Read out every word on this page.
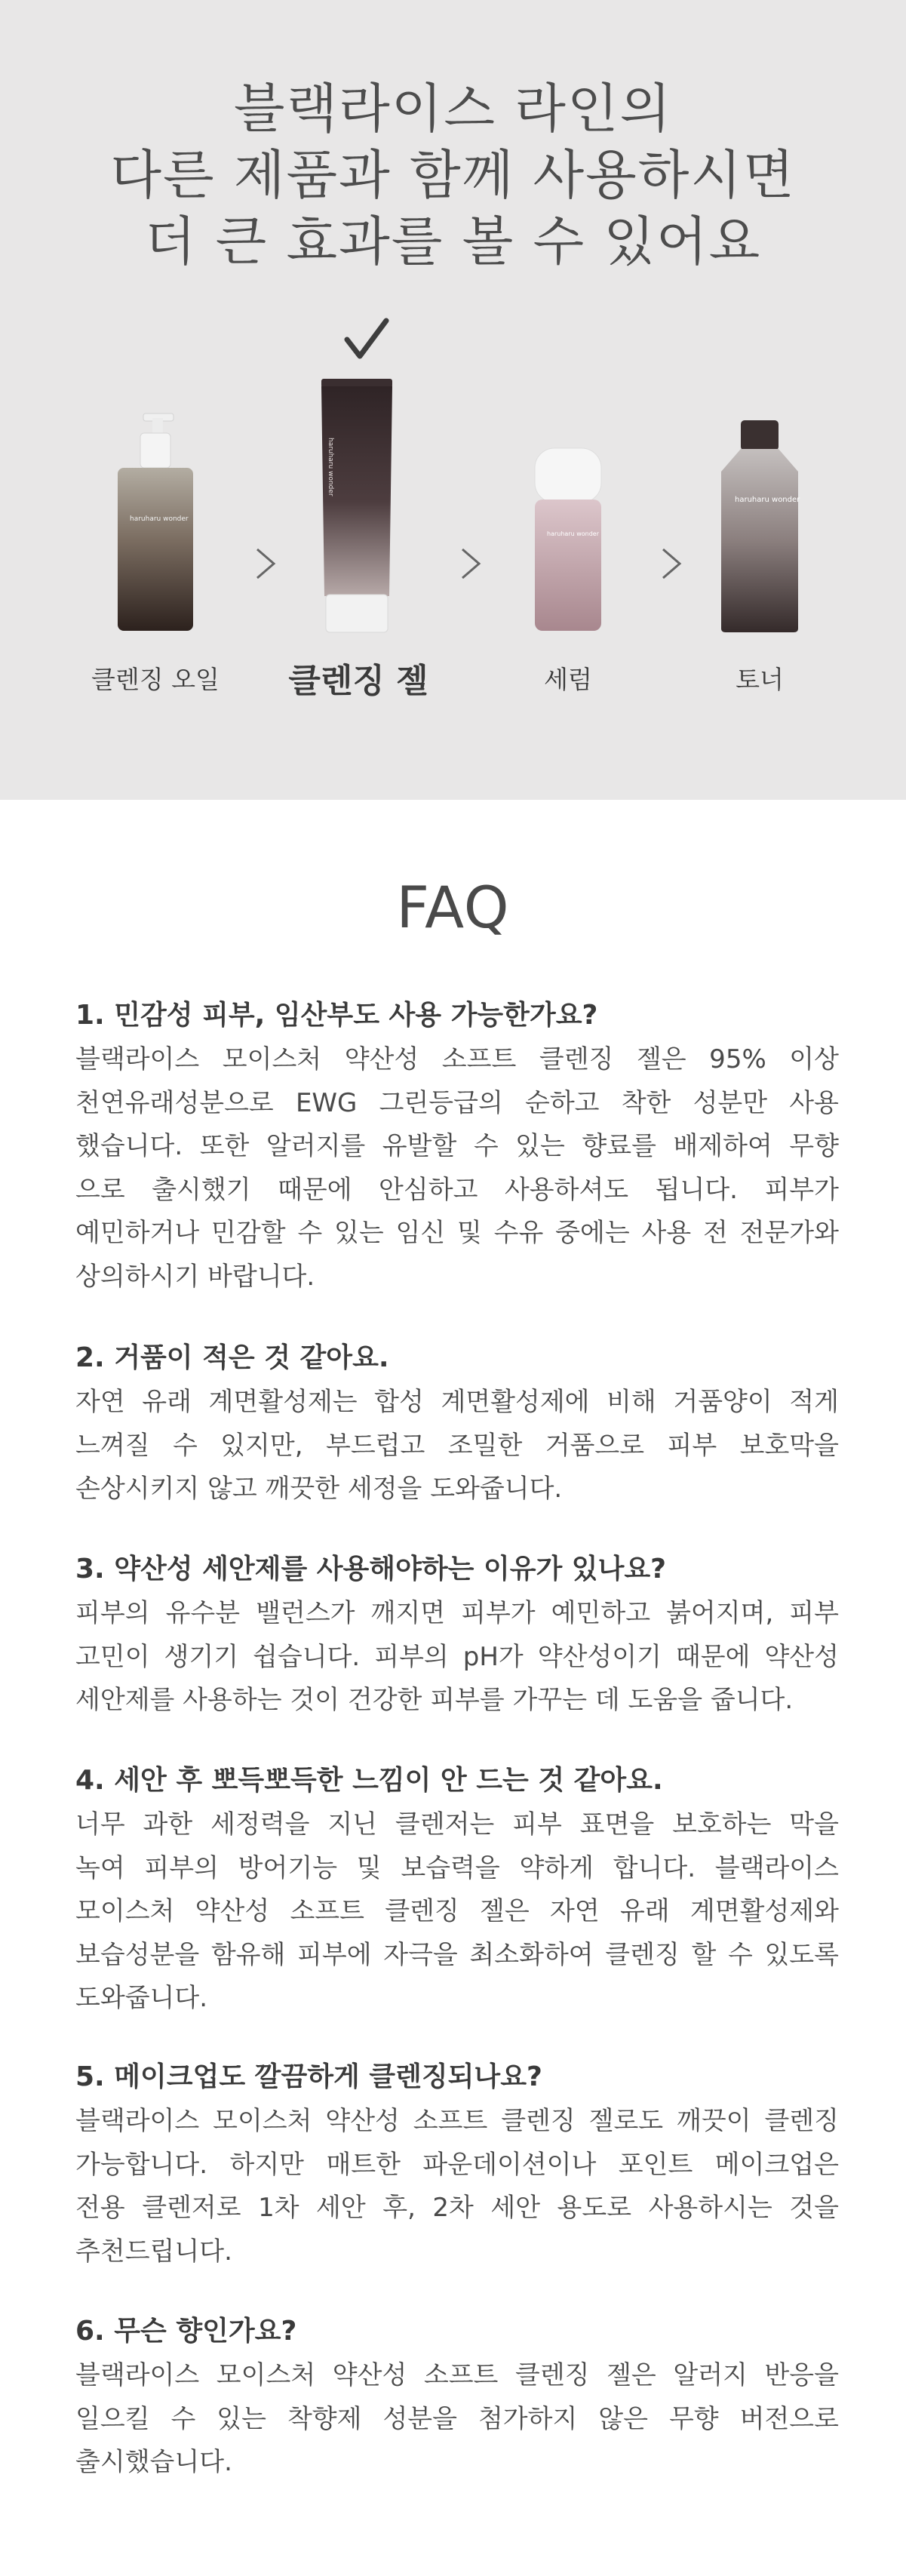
블랙라이스 라인의
다른 제품과 함께 사용하시면
더 큰 효과를 볼 수 있어요
haruharu wonder
haruharu wonder
haruharu wonder
haruharu wonder
클렌징 오일	클렌징 젤	세럼	토너
FAQ
1. 민감성 피부, 임산부도 사용 가능한가요?
블랙라이스 모이스처 약산성 소프트 클렌징 젤은 95% 이상
천연유래성분으로 EWG 그린등급의 순하고 착한 성분만 사용
했습니다. 또한 알러지를 유발할 수 있는 향료를 배제하여 무향
으로 출시했기 때문에 안심하고 사용하셔도 됩니다. 피부가
예민하거나 민감할 수 있는 임신 및 수유 중에는 사용 전 전문가와
상의하시기 바랍니다.
2. 거품이 적은 것 같아요.
자연 유래 계면활성제는 합성 계면활성제에 비해 거품양이 적게
느껴질 수 있지만, 부드럽고 조밀한 거품으로 피부 보호막을
손상시키지 않고 깨끗한 세정을 도와줍니다.
3. 약산성 세안제를 사용해야하는 이유가 있나요?
피부의 유수분 밸런스가 깨지면 피부가 예민하고 붉어지며, 피부
고민이 생기기 쉽습니다. 피부의 pH가 약산성이기 때문에 약산성
세안제를 사용하는 것이 건강한 피부를 가꾸는 데 도움을 줍니다.
4. 세안 후 뽀득뽀득한 느낌이 안 드는 것 같아요.
너무 과한 세정력을 지닌 클렌저는 피부 표면을 보호하는 막을
녹여 피부의 방어기능 및 보습력을 약하게 합니다. 블랙라이스
모이스처 약산성 소프트 클렌징 젤은 자연 유래 계면활성제와
보습성분을 함유해 피부에 자극을 최소화하여 클렌징 할 수 있도록
도와줍니다.
5. 메이크업도 깔끔하게 클렌징되나요?
블랙라이스 모이스처 약산성 소프트 클렌징 젤로도 깨끗이 클렌징
가능합니다. 하지만 매트한 파운데이션이나 포인트 메이크업은
전용 클렌저로 1차 세안 후, 2차 세안 용도로 사용하시는 것을
추천드립니다.
6. 무슨 향인가요?
블랙라이스 모이스처 약산성 소프트 클렌징 젤은 알러지 반응을
일으킬 수 있는 착향제 성분을 첨가하지 않은 무향 버전으로
출시했습니다.
